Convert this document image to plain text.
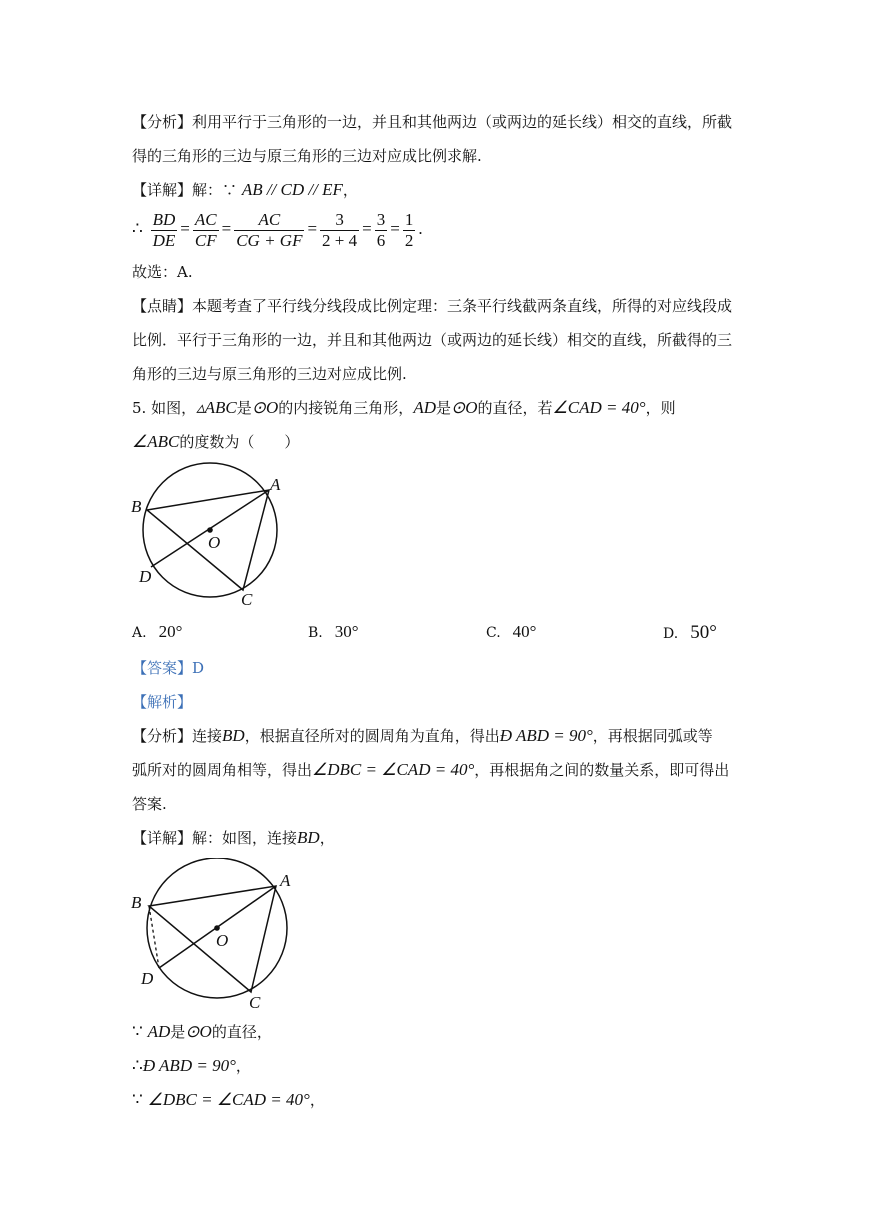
【分析】利用平行于三角形的一边，并且和其他两边（或两边的延长线）相交的直线，所截
得的三角形的三边与原三角形的三边对应成比例求解.
【详解】解：∵ AB // CD // EF，
∴ $\frac{BD}{DE} = \frac{AC}{CF} = \frac{AC}{CG + GF} = \frac{3}{2 + 4} = \frac{3}{6} = \frac{1}{2}$ .
故选：A.
【点睛】本题考查了平行线分线段成比例定理：三条平行线截两条直线，所得的对应线段成
比例．平行于三角形的一边，并且和其他两边（或两边的延长线）相交的直线，所截得的三
角形的三边与原三角形的三边对应成比例.
5. 如图，▵ABC是⊙O的内接锐角三角形，AD是⊙O的直径，若∠CAD = 40°，则
∠ABC的度数为（　　）
A
B
O
D
C
A. 20°	B. 30°	C. 40°	D. 50°
【答案】D
【解析】
【分析】连接BD，根据直径所对的圆周角为直角，得出Ð ABD = 90°，再根据同弧或等
弧所对的圆周角相等，得出∠DBC = ∠CAD = 40°，再根据角之间的数量关系，即可得出
答案.
【详解】解：如图，连接BD，
A
B
O
D
C
∵ AD是⊙O的直径，
∴Ð ABD = 90°，
∵ ∠DBC = ∠CAD = 40°，
